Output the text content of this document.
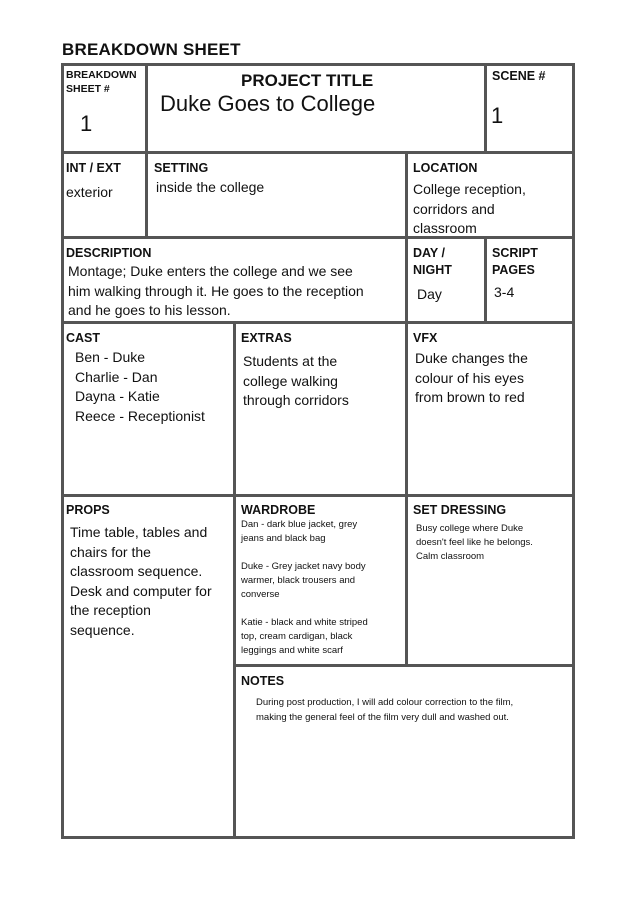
BREAKDOWN SHEET
BREAKDOWN
SHEET #
1
PROJECT TITLE
Duke Goes to College
SCENE #
1
INT / EXT
exterior
SETTING
inside the college
LOCATION
College reception,
corridors and
classroom
DESCRIPTION
Montage; Duke enters the college and we see
him walking through it. He goes to the reception
and he goes to his lesson.
DAY /
NIGHT
Day
SCRIPT
PAGES
3-4
CAST
Ben - Duke
Charlie - Dan
Dayna - Katie
Reece - Receptionist
EXTRAS
Students at the
college walking
through corridors
VFX
Duke changes the
colour of his eyes
from brown to red
PROPS
Time table, tables and
chairs for the
classroom sequence.
Desk and computer for
the reception
sequence.
WARDROBE
Dan - dark blue jacket, grey
jeans and black bag
Duke - Grey jacket navy body
warmer, black trousers and
converse
Katie - black and white striped
top, cream cardigan, black
leggings and white scarf
SET DRESSING
Busy college where Duke
doesn't feel like he belongs.
Calm classroom
NOTES
During post production, I will add colour correction to the film,
making the general feel of the film very dull and washed out.
